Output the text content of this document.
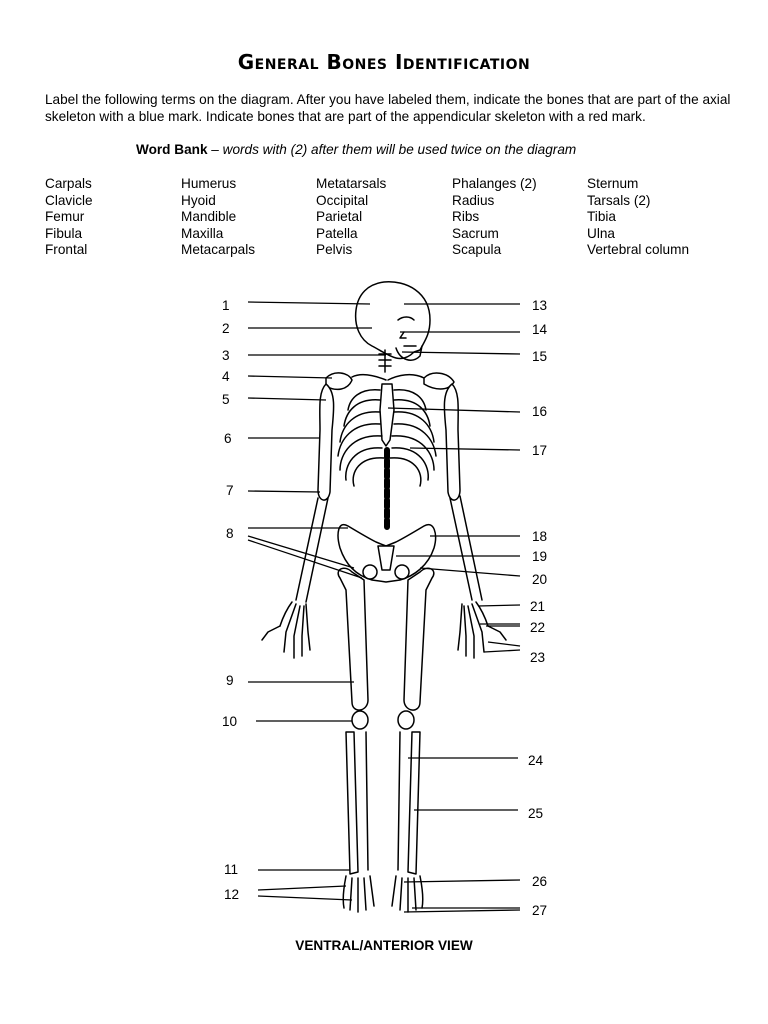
General Bones Identification
Label the following terms on the diagram. After you have labeled them, indicate the bones that are part of the axial skeleton with a blue mark. Indicate bones that are part of the appendicular skeleton with a red mark.
Word Bank – words with (2) after them will be used twice on the diagram
Carpals
Clavicle
Femur
Fibula
Frontal
Humerus
Hyoid
Mandible
Maxilla
Metacarpals
Metatarsals
Occipital
Parietal
Patella
Pelvis
Phalanges (2)
Radius
Ribs
Sacrum
Scapula
Sternum
Tarsals (2)
Tibia
Ulna
Vertebral column
1
2
3
4
5
6
7
8
9
10
11
12
13
14
15
16
17
18
19
20
21
22
23
24
25
26
27
VENTRAL/ANTERIOR VIEW
